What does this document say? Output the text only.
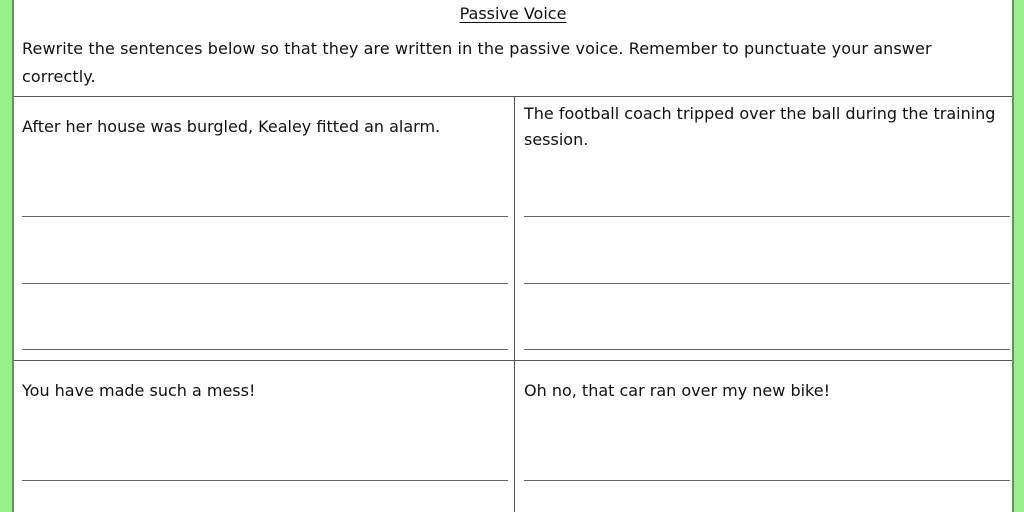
Passive Voice
Rewrite the sentences below so that they are written in the passive voice. Remember to punctuate your answer correctly.
After her house was burgled, Kealey fitted an alarm.
The football coach tripped over the ball during the training session.
You have made such a mess!	Oh no, that car ran over my new bike!
